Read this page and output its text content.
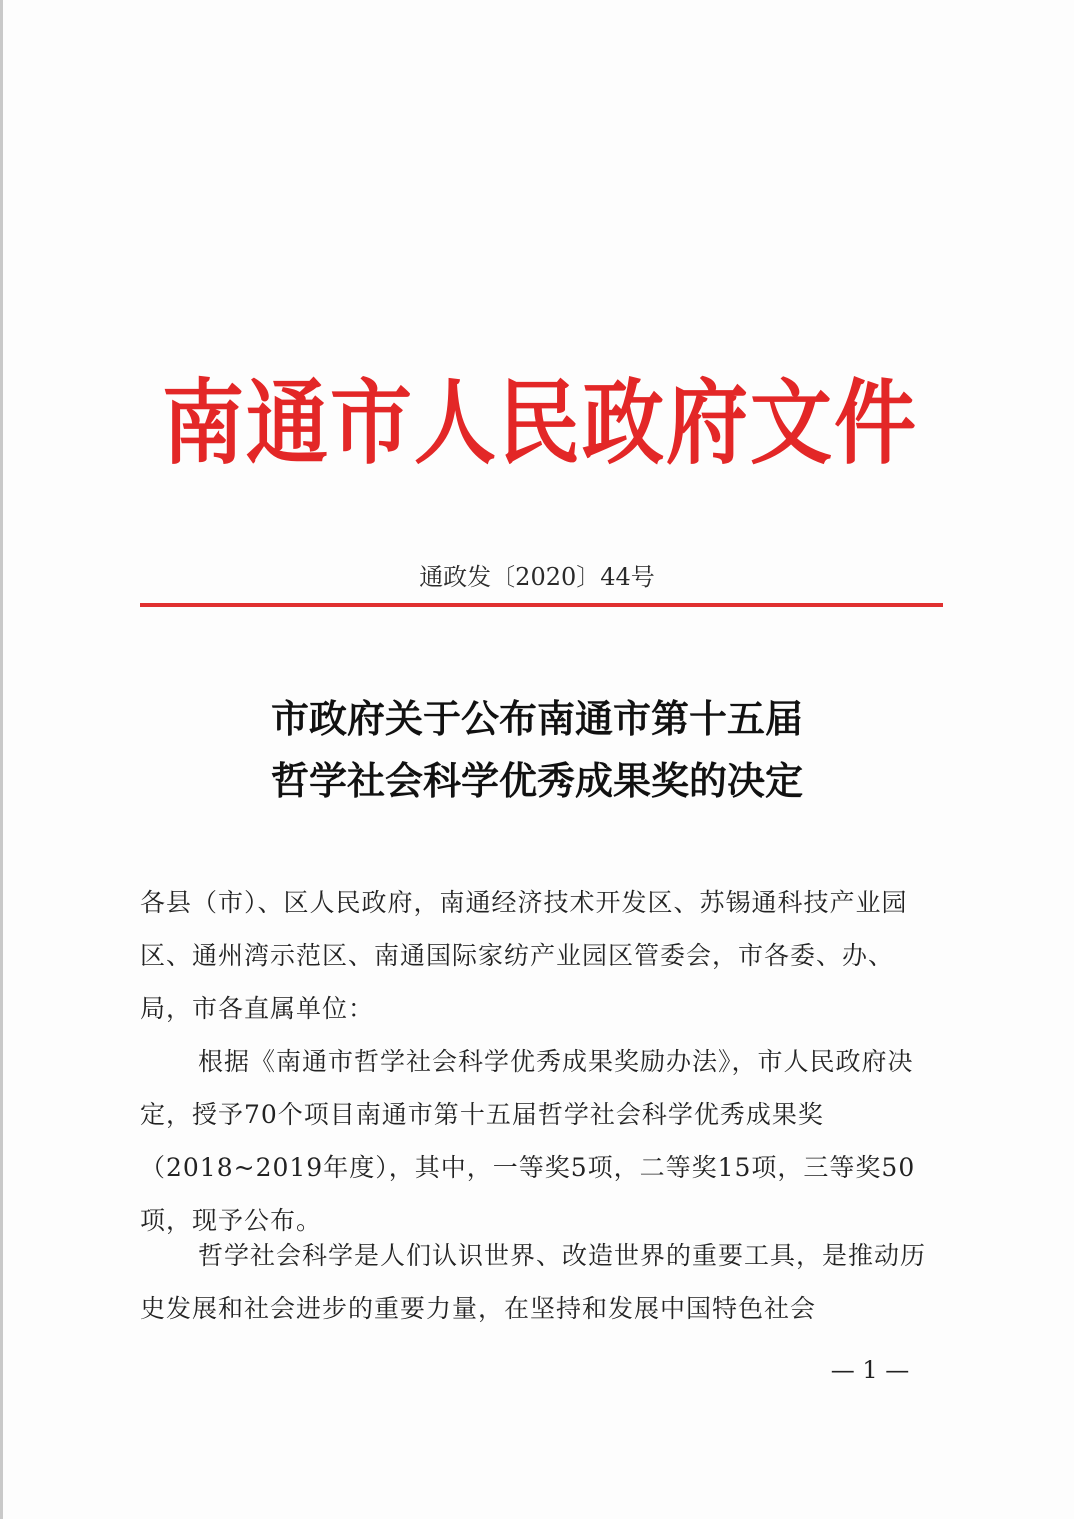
南通市人民政府文件
通政发〔2020〕44号
市政府关于公布南通市第十五届
哲学社会科学优秀成果奖的决定

各县（市）、区人民政府，南通经济技术开发区、苏锡通科技产业园区、通州湾示范区、南通国际家纺产业园区管委会，市各委、办、局，市各直属单位：

根据《南通市哲学社会科学优秀成果奖励办法》，市人民政府决定，授予70个项目南通市第十五届哲学社会科学优秀成果奖（2018~2019年度），其中，一等奖5项，二等奖15项，三等奖50项，现予公布。

哲学社会科学是人们认识世界、改造世界的重要工具，是推动历史发展和社会进步的重要力量，在坚持和发展中国特色社会

— 1 —
